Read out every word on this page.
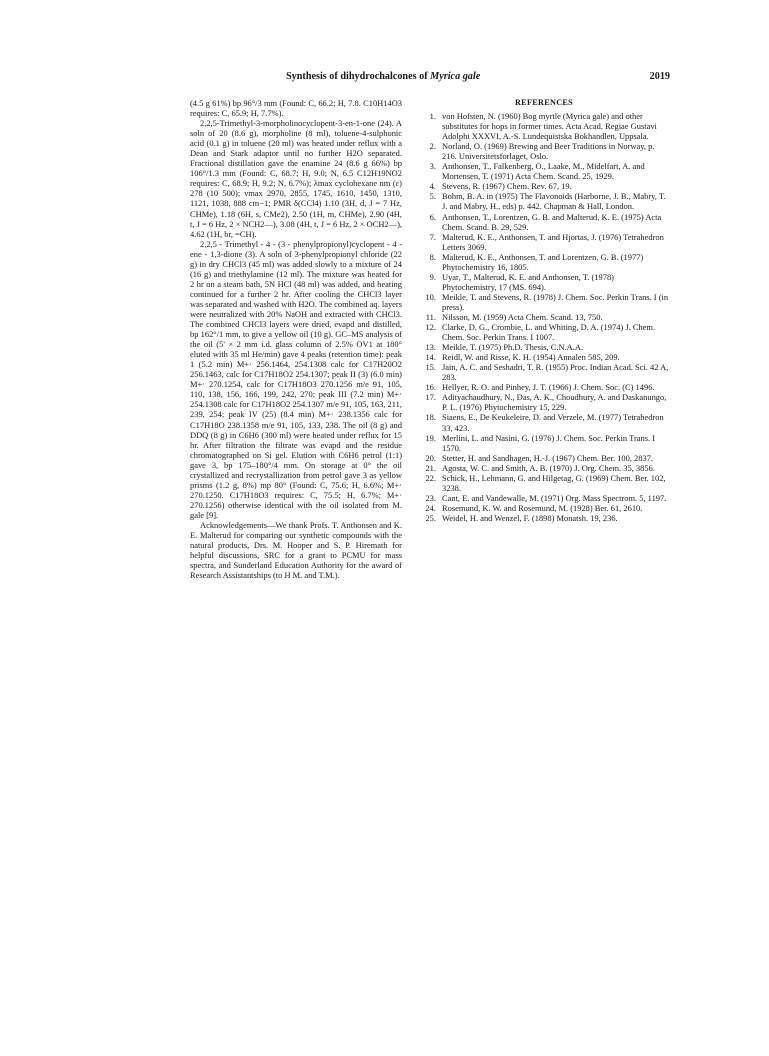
Synthesis of dihydrochalcones of Myrica gale	2019

(4.5 g 61%) bp 96°/3 mm (Found: C, 66.2; H, 7.8. C10H14O3 requires: C, 65.9; H, 7.7%).

2,2,5-Trimethyl-3-morpholinocyclopent-3-en-1-one (24). A soln of 20 (8.6 g), morpholine (8 ml), toluene-4-sulphonic acid (0.1 g) in toluene (20 ml) was heated under reflux with a Dean and Stark adaptor until no further H2O separated. Fractional distillation gave the enamine 24 (8.6 g 66%) bp 106°/1.3 mm (Found: C, 68.7; H, 9.0; N, 6.5 C12H19NO2 requires: C, 68.9; H, 9.2; N, 6.7%); λmax cyclohexane nm (ε) 278 (10 500); νmax 2970, 2855, 1745, 1610, 1450, 1310, 1121, 1038, 888 cm−1; PMR δ(CCl4) 1.10 (3H, d, J = 7 Hz, CHMe), 1.18 (6H, s, CMe2), 2.50 (1H, m, CHMe), 2.90 (4H, t, J = 6 Hz, 2 × NCH2—), 3.08 (4H, t, J = 6 Hz, 2 × OCH2—), 4.62 (1H, br, =CH).

2,2,5 - Trimethyl - 4 - (3 - phenylpropionyl)cyclopent - 4 - ene - 1,3-dione (3). A soln of 3-phenylpropionyl chloride (22 g) in dry CHCl3 (45 ml) was added slowly to a mixture of 24 (16 g) and triethylamine (12 ml). The mixture was heated for 2 hr on a steam bath, 5N HCl (48 ml) was added, and heating continued for a further 2 hr. After cooling the CHCl3 layer was separated and washed with H2O. The combined aq. layers were neutralized with 20% NaOH and extracted with CHCl3. The combined CHCl3 layers were dried, evapd and distilled, bp 162°/1 mm, to give a yellow oil (10 g). GC–MS analysis of the oil (5' × 2 mm i.d. glass column of 2.5% OV1 at 180° eluted with 35 ml He/min) gave 4 peaks (retention time): peak 1 (5.2 min) M+· 256.1464, 254.1308 calc for C17H20O2 256.1463, calc for C17H18O2 254.1307; peak II (3) (6.0 min) M+· 270.1254, calc for C17H18O3 270.1256 m/e 91, 105, 110, 138, 156, 166, 199, 242, 270; peak III (7.2 min) M+· 254.1308 calc for C17H18O2 254.1307 m/e 91, 105, 163, 211, 239, 254; peak IV (25) (8.4 min) M+· 238.1356 calc for C17H18O 238.1358 m/e 91, 105, 133, 238. The oil (8 g) and DDQ (8 g) in C6H6 (300 ml) were heated under reflux for 15 hr. After filtration the filtrate was evapd and the residue chromatographed on Si gel. Elution with C6H6 petrol (1:1) gave 3, bp 175–180°/4 mm. On storage at 0° the oil crystallized and recrystallization from petrol gave 3 as yellow prisms (1.2 g, 8%) mp 80° (Found: C, 75.6; H, 6.6%; M+· 270.1250. C17H18O3 requires: C, 75.5; H, 6.7%; M+· 270.1256) otherwise identical with the oil isolated from M. gale [9].

Acknowledgements—We thank Profs. T. Anthonsen and K. E. Malterud for comparing our synthetic compounds with the natural products, Drs. M. Hooper and S. P. Hiremath for helpful discussions, SRC for a grant to PCMU for mass spectra, and Sunderland Education Authority for the award of Research Assistantships (to H M. and T.M.).

REFERENCES
1. von Hofsten, N. (1960) Bog myrtle (Myrica gale) and other substitutes for hops in former times. Acta Acad. Regiae Gustavi Adolphi XXXVI, A.-S. Lundequistska Bokhandlen, Uppsala.
2. Norland, O. (1969) Brewing and Beer Traditions in Norway, p. 216. Universitetsforlaget, Oslo.
3. Anthonsen, T., Falkenberg, O., Laake, M., Midelfart, A. and Mortensen, T. (1971) Acta Chem. Scand. 25, 1929.
4. Stevens, R. (1967) Chem. Rev. 67, 19.
5. Bohm, B. A. in (1975) The Flavonoids (Harborne, J. B., Mabry, T. J. and Mabry, H., eds) p. 442. Chapman & Hall, London.
6. Anthonsen, T., Lorentzen, G. B. and Malterud, K. E. (1975) Acta Chem. Scand. B. 29, 529.
7. Malterud, K. E., Anthonsen, T. and Hjortas, J. (1976) Tetrahedron Letters 3069.
8. Malterud, K. E., Anthonsen, T. and Lorentzen, G. B. (1977) Phytochemistry 16, 1805.
9. Uyar, T., Malterud, K. E. and Anthonsen, T. (1978) Phytochemistry, 17 (MS. 694).
10. Meikle, T. and Stevens, R. (1978) J. Chem. Soc. Perkin Trans. I (in press).
11. Nilsson, M. (1959) Acta Chem. Scand. 13, 750.
12. Clarke, D. G., Crombie, L. and Whiting, D. A. (1974) J. Chem. Chem. Soc. Perkin Trans. I 1007.
13. Meikle, T. (1975) Ph.D. Thesis, C.N.A.A.
14. Reidl, W. and Risse, K. H. (1954) Annalen 585, 209.
15. Jain, A. C. and Seshadri, T. R. (1955) Proc. Indian Acad. Sci. 42 A, 283.
16. Hellyer, R. O. and Pinhey, J. T. (1966) J. Chem. Soc. (C) 1496.
17. Adityachaudhury, N., Das, A. K., Choudhury, A. and Daskanungo, P. L. (1976) Phytochemistry 15, 229.
18. Siaens, E., De Keukeleire, D. and Verzele, M. (1977) Tetrahedron 33, 423.
19. Merlini, L. and Nasini, G. (1976) J. Chem. Soc. Perkin Trans. I 1570.
20. Stetter, H. and Sandhagen, H.-J. (1967) Chem. Ber. 100, 2837.
21. Agosta, W. C. and Smith, A. B. (1970) J. Org. Chem. 35, 3856.
22. Schick, H., Lehmann, G. and Hilgetag, G. (1969) Chem. Ber. 102, 3238.
23. Cant, E. and Vandewalle, M. (1971) Org. Mass Spectrom. 5, 1197.
24. Rosemund, K. W. and Rosemund, M. (1928) Ber. 61, 2610.
25. Weidel, H. and Wenzel, F. (1898) Monatsh. 19, 236.
